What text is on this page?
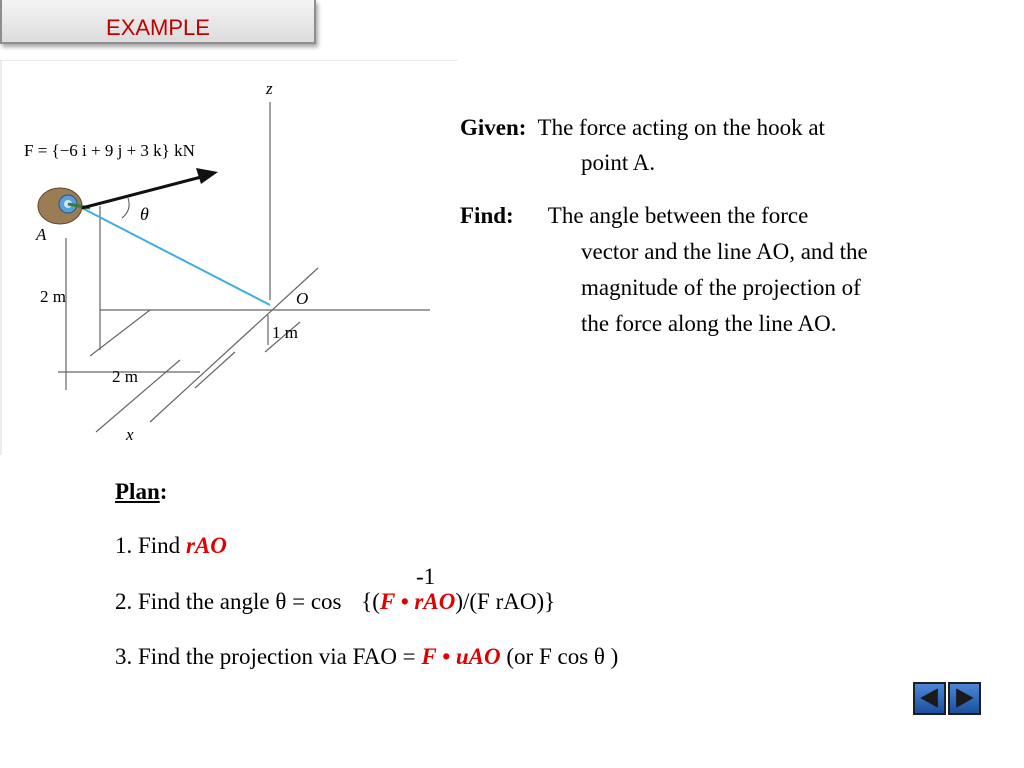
EXAMPLE
z
x
2 m
2 m
1 m
θ
F = {−6 i + 9 j + 3 k} kN
A
O
Given: The force acting on the hook at
point A.
Find: The angle between the force
vector and the line AO, and the
magnitude of the projection of
the force along the line AO.
Plan:
1. Find rAO
-1
2. Find the angle θ = cos {(F • rAO)/(F rAO)}
3. Find the projection via FAO = F • uAO (or F cos θ )
